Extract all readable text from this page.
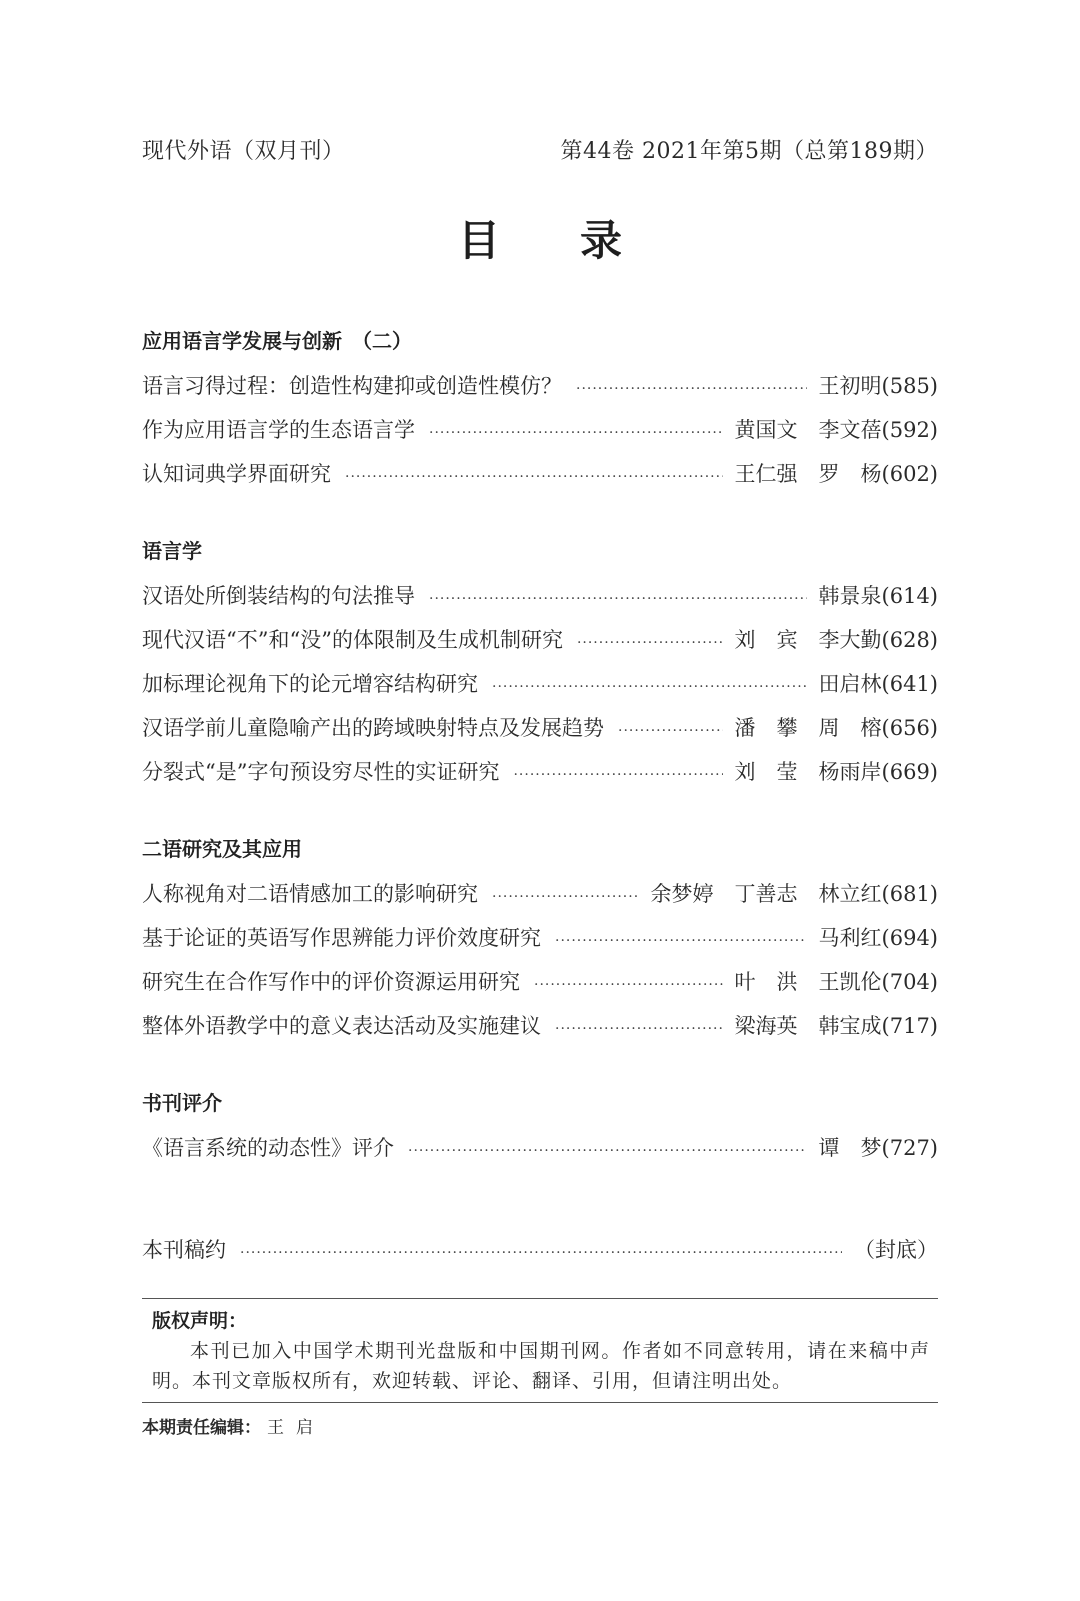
现代外语（双月刊）	第44卷 2021年第5期（总第189期）
目录
应用语言学发展与创新　（二）
语言习得过程：创造性构建抑或创造性模仿？ ·····	王初明 (585)
作为应用语言学的生态语言学 ·····	黄国文　李文蓓 (592)
认知词典学界面研究 ·····	王仁强　罗　杨 (602)
语言学
汉语处所倒装结构的句法推导 ·····	韩景泉 (614)
现代汉语“不”和“没”的体限制及生成机制研究 ·····	刘　宾　李大勤 (628)
加标理论视角下的论元增容结构研究 ·····	田启林 (641)
汉语学前儿童隐喻产出的跨域映射特点及发展趋势 ·····	潘　攀　周　榕 (656)
分裂式“是”字句预设穷尽性的实证研究 ·····	刘　莹　杨雨岸 (669)
二语研究及其应用
人称视角对二语情感加工的影响研究 ·····	余梦婷　丁善志　林立红 (681)
基于论证的英语写作思辨能力评价效度研究 ·····	马利红 (694)
研究生在合作写作中的评价资源运用研究 ·····	叶　洪　王凯伦 (704)
整体外语教学中的意义表达活动及实施建议 ·····	梁海英　韩宝成 (717)
书刊评介
《语言系统的动态性》评介 ·····	谭　梦 (727)
本刊稿约 ·····	（封底）
版权声明：
本刊已加入中国学术期刊光盘版和中国期刊网。作者如不同意转用，请在来稿中声明。本刊文章版权所有，欢迎转载、评论、翻译、引用，但请注明出处。
本期责任编辑： 王启
